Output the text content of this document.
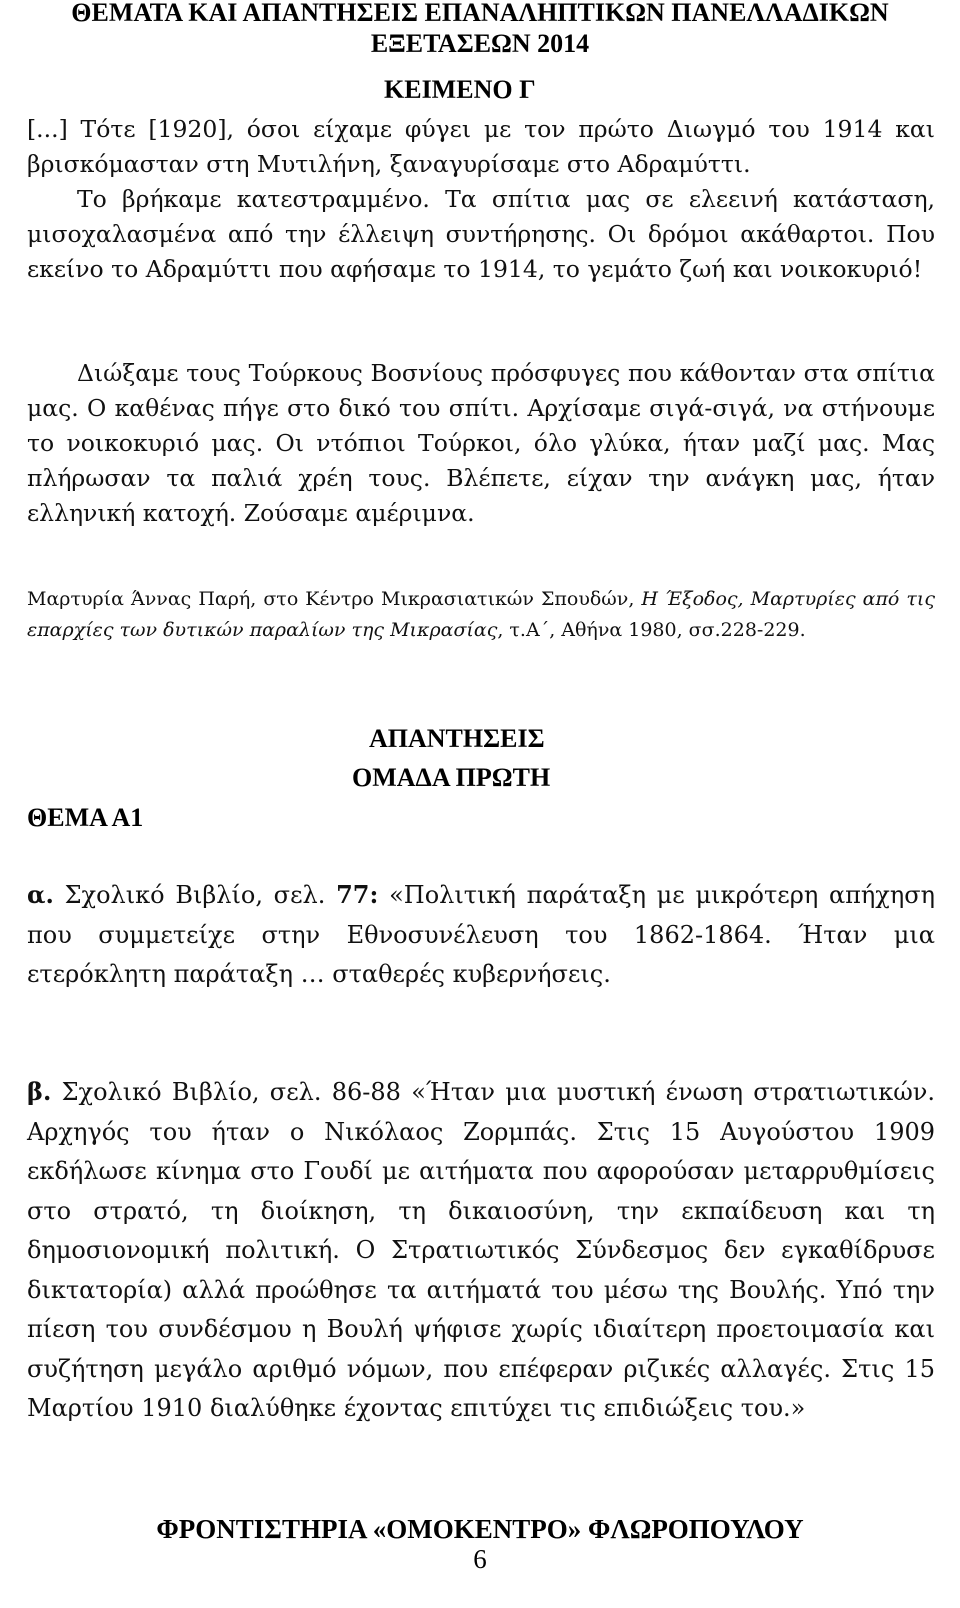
ΘΕΜΑΤΑ ΚΑΙ ΑΠΑΝΤΗΣΕΙΣ ΕΠΑΝΑΛΗΠΤΙΚΩΝ ΠΑΝΕΛΛΑΔΙΚΩΝ
ΕΞΕΤΑΣΕΩΝ 2014
ΚΕΙΜΕΝΟ Γ

[...] Τότε [1920], όσοι είχαμε φύγει με τον πρώτο Διωγμό του 1914 και βρισκόμασταν στη Μυτιλήνη, ξαναγυρίσαμε στο Αδραμύττι.

Το βρήκαμε κατεστραμμένο. Τα σπίτια μας σε ελεεινή κατάσταση, μισοχαλασμένα από την έλλειψη συντήρησης. Οι δρόμοι ακάθαρτοι. Που εκείνο το Αδραμύττι που αφήσαμε το 1914, το γεμάτο ζωή και νοικοκυριό!

Διώξαμε τους Τούρκους Βοσνίους πρόσφυγες που κάθονταν στα σπίτια μας. Ο καθένας πήγε στο δικό του σπίτι. Αρχίσαμε σιγά-σιγά, να στήνουμε το νοικοκυριό μας. Οι ντόπιοι Τούρκοι, όλο γλύκα, ήταν μαζί μας. Μας πλήρωσαν τα παλιά χρέη τους. Βλέπετε, είχαν την ανάγκη μας, ήταν ελληνική κατοχή. Ζούσαμε αμέριμνα.

Μαρτυρία Άννας Παρή, στο Κέντρο Μικρασιατικών Σπουδών, Η Έξοδος, Μαρτυρίες από τις επαρχίες των δυτικών παραλίων της Μικρασίας, τ.Α΄, Αθήνα 1980, σσ.228-229.

ΑΠΑΝΤΗΣΕΙΣ
ΟΜΑΔΑ ΠΡΩΤΗ
ΘΕΜΑ Α1

α. Σχολικό Βιβλίο, σελ. 77: «Πολιτική παράταξη με μικρότερη απήχηση που συμμετείχε στην Εθνοσυνέλευση του 1862-1864. Ήταν μια ετερόκλητη παράταξη … σταθερές κυβερνήσεις.

β. Σχολικό Βιβλίο, σελ. 86-88 «Ήταν μια μυστική ένωση στρατιωτικών. Αρχηγός του ήταν ο Νικόλαος Ζορμπάς. Στις 15 Αυγούστου 1909 εκδήλωσε κίνημα στο Γουδί με αιτήματα που αφορούσαν μεταρρυθμίσεις στο στρατό, τη διοίκηση, τη δικαιοσύνη, την εκπαίδευση και τη δημοσιονομική πολιτική. Ο Στρατιωτικός Σύνδεσμος δεν εγκαθίδρυσε δικτατορία) αλλά προώθησε τα αιτήματά του μέσω της Βουλής. Υπό την πίεση του συνδέσμου η Βουλή ψήφισε χωρίς ιδιαίτερη προετοιμασία και συζήτηση μεγάλο αριθμό νόμων, που επέφεραν ριζικές αλλαγές. Στις 15 Μαρτίου 1910 διαλύθηκε έχοντας επιτύχει τις επιδιώξεις του.»

ΦΡΟΝΤΙΣΤΗΡΙΑ «ΟΜΟΚΕΝΤΡΟ» ΦΛΩΡΟΠΟΥΛΟΥ
6
